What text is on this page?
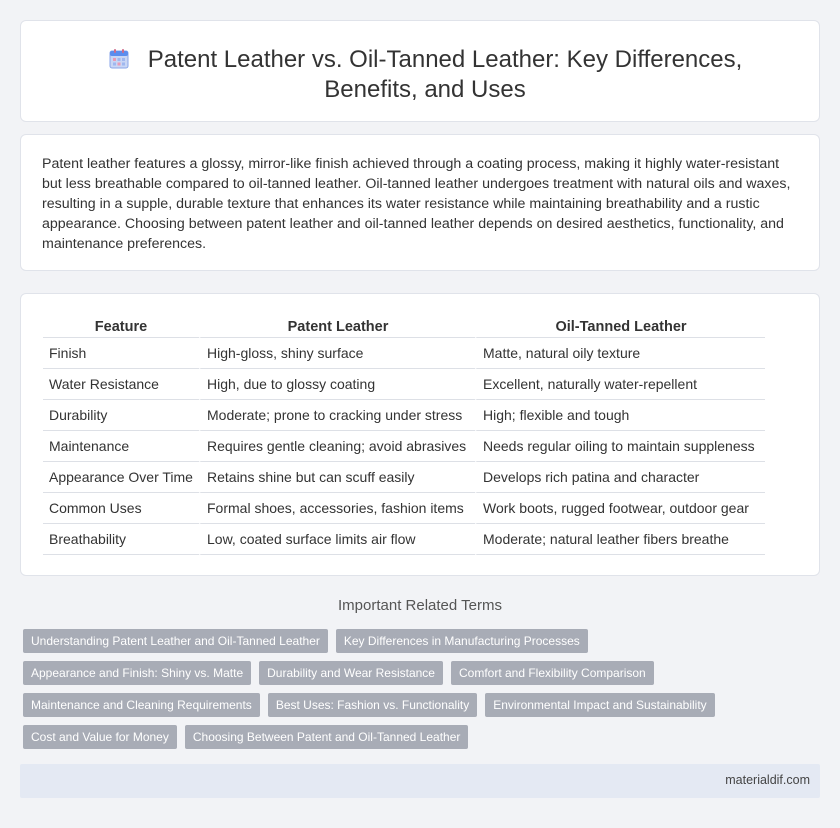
Patent Leather vs. Oil-Tanned Leather: Key Differences, Benefits, and Uses

Patent leather features a glossy, mirror-like finish achieved through a coating process, making it highly water-resistant but less breathable compared to oil-tanned leather. Oil-tanned leather undergoes treatment with natural oils and waxes, resulting in a supple, durable texture that enhances its water resistance while maintaining breathability and a rustic appearance. Choosing between patent leather and oil-tanned leather depends on desired aesthetics, functionality, and maintenance preferences.

Feature	Patent Leather	Oil-Tanned Leather
Finish	High-gloss, shiny surface	Matte, natural oily texture
Water Resistance	High, due to glossy coating	Excellent, naturally water-repellent
Durability	Moderate; prone to cracking under stress	High; flexible and tough
Maintenance	Requires gentle cleaning; avoid abrasives	Needs regular oiling to maintain suppleness
Appearance Over Time	Retains shine but can scuff easily	Develops rich patina and character
Common Uses	Formal shoes, accessories, fashion items	Work boots, rugged footwear, outdoor gear
Breathability	Low, coated surface limits air flow	Moderate; natural leather fibers breathe
Important Related Terms
Understanding Patent Leather and Oil-Tanned Leather	Key Differences in Manufacturing Processes
Appearance and Finish: Shiny vs. Matte	Durability and Wear Resistance	Comfort and Flexibility Comparison
Maintenance and Cleaning Requirements	Best Uses: Fashion vs. Functionality	Environmental Impact and Sustainability
Cost and Value for Money	Choosing Between Patent and Oil-Tanned Leather
materialdif.com
